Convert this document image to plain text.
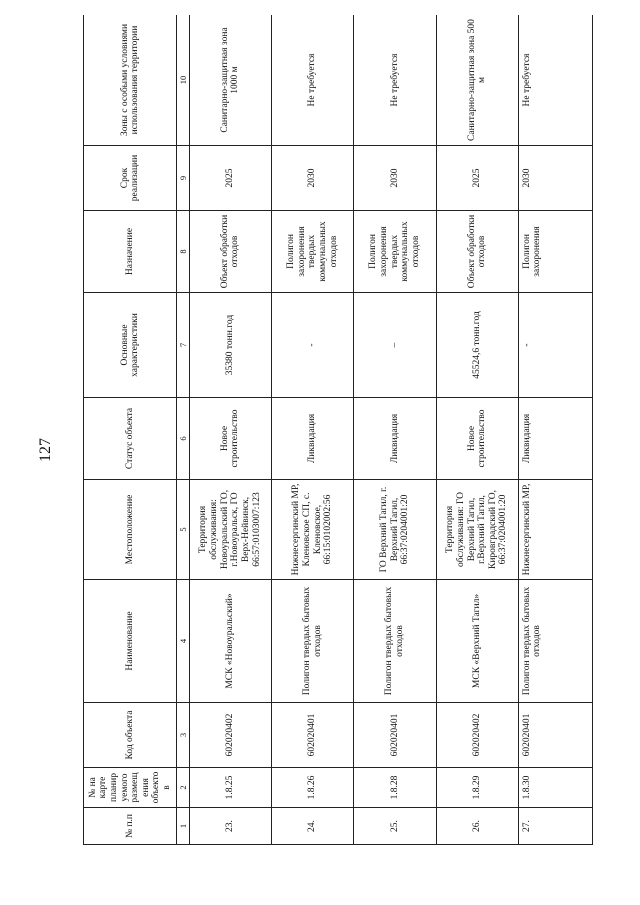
127
№ п.п	№ на карте планируемого размещения объектов	Код объекта	Наименование	Местоположение	Статус объекта	Основные характеристики	Назначение	Срок реализации	Зоны с особыми условиями использования территории
1	2	3	4	5	6	7	8	9	10
23.	1.8.25	602020402	МСК «Новоуральский»	Территория обслуживания: Новоуральский ГО, г.Новоуральск, ГО Верх-Нейвинск, 66:57:0103007:123	Новое строительство	35380 тонн.год	Объект обработки отходов	2025	Санитарно-защитная зона 1000 м
24.	1.8.26	602020401	Полигон твердых бытовых отходов	Нижнесергинский МР, Кленовское СП, с. Кленовское, 66:15:0102002:56	Ликвидация	-	Полигон захоронения твердых коммунальных отходов	2030	Не требуется
25.	1.8.28	602020401	Полигон твердых бытовых отходов	ГО Верхний Тагил, г. Верхний Тагил, 66:37:0204001:20	Ликвидация	–	Полигон захоронения твердых коммунальных отходов	2030	Не требуется
26.	1.8.29	602020402	МСК «Верхний Тагил»	Территория обслуживания: ГО Верхний Тагил, г.Верхний Тагил, Кировградский ГО, 66:37:0204001:20	Новое строительство	45524,6 тонн.год	Объект обработки отходов	2025	Санитарно-защитная зона 500 м
27.	1.8.30	602020401	Полигон твердых бытовых отходов	Нижнесергинский МР,	Ликвидация	-	Полигон захоронения	2030	Не требуется
